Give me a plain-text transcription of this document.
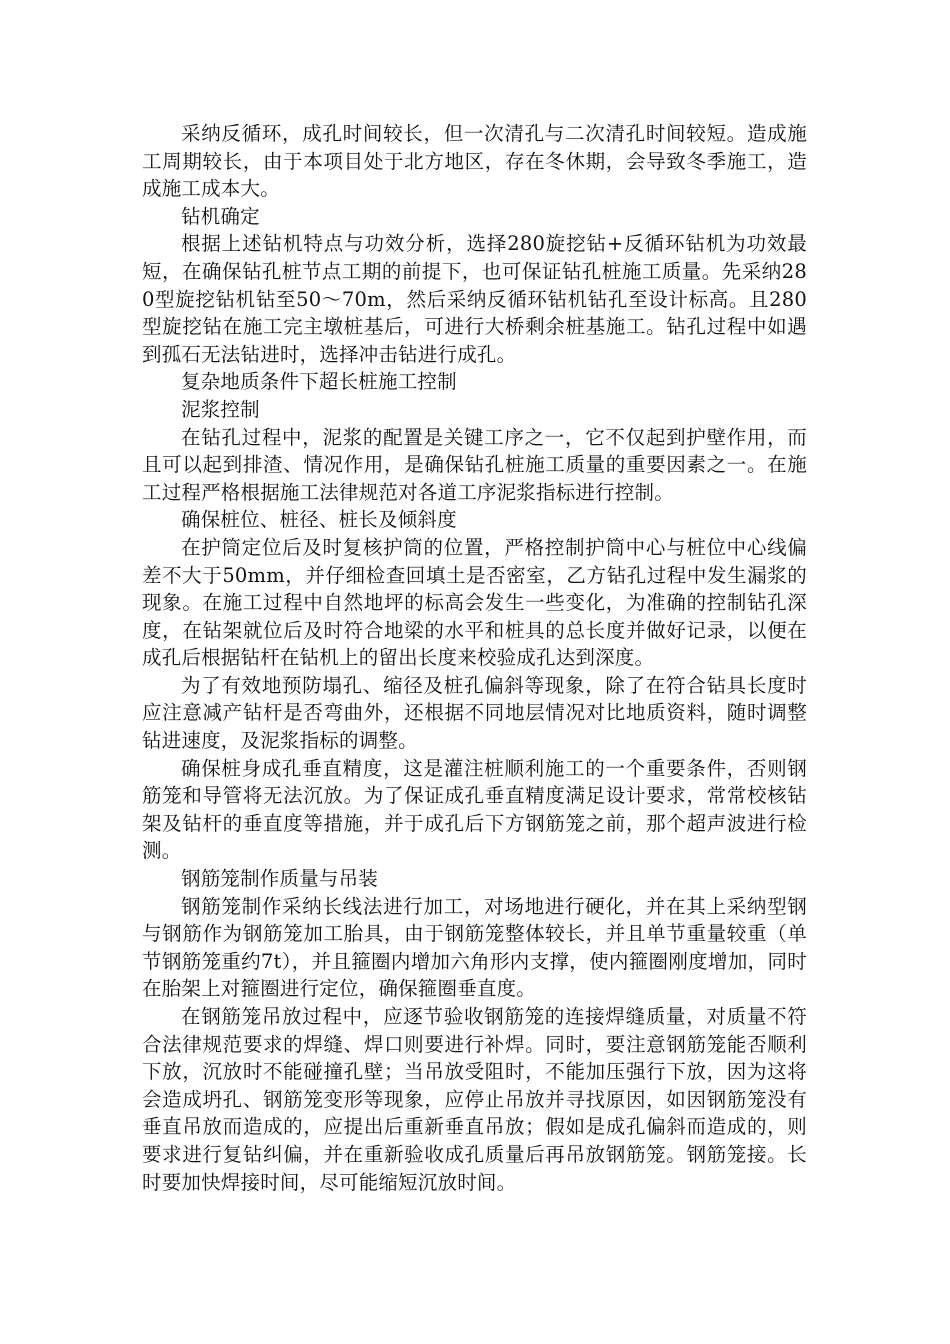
采纳反循环，成孔时间较长，但一次清孔与二次清孔时间较短。造成施工周期较长，由于本项目处于北方地区，存在冬休期，会导致冬季施工，造成施工成本大。

钻机确定

根据上述钻机特点与功效分析，选择280旋挖钻+反循环钻机为功效最短，在确保钻孔桩节点工期的前提下，也可保证钻孔桩施工质量。先采纳280型旋挖钻机钻至50～70m，然后采纳反循环钻机钻孔至设计标高。且280型旋挖钻在施工完主墩桩基后，可进行大桥剩余桩基施工。钻孔过程中如遇到孤石无法钻进时，选择冲击钻进行成孔。

复杂地质条件下超长桩施工控制

泥浆控制

在钻孔过程中，泥浆的配置是关键工序之一，它不仅起到护壁作用，而且可以起到排渣、情况作用，是确保钻孔桩施工质量的重要因素之一。在施工过程严格根据施工法律规范对各道工序泥浆指标进行控制。

确保桩位、桩径、桩长及倾斜度

在护筒定位后及时复核护筒的位置，严格控制护筒中心与桩位中心线偏差不大于50mm，并仔细检查回填土是否密室，乙方钻孔过程中发生漏浆的现象。在施工过程中自然地坪的标高会发生一些变化，为准确的控制钻孔深度，在钻架就位后及时符合地梁的水平和桩具的总长度并做好记录，以便在成孔后根据钻杆在钻机上的留出长度来校验成孔达到深度。

为了有效地预防塌孔、缩径及桩孔偏斜等现象，除了在符合钻具长度时应注意减产钻杆是否弯曲外，还根据不同地层情况对比地质资料，随时调整钻进速度，及泥浆指标的调整。

确保桩身成孔垂直精度，这是灌注桩顺利施工的一个重要条件，否则钢筋笼和导管将无法沉放。为了保证成孔垂直精度满足设计要求，常常校核钻架及钻杆的垂直度等措施，并于成孔后下方钢筋笼之前，那个超声波进行检测。

钢筋笼制作质量与吊装

钢筋笼制作采纳长线法进行加工，对场地进行硬化，并在其上采纳型钢与钢筋作为钢筋笼加工胎具，由于钢筋笼整体较长，并且单节重量较重（单节钢筋笼重约7t），并且箍圈内增加六角形内支撑，使内箍圈刚度增加，同时在胎架上对箍圈进行定位，确保箍圈垂直度。

在钢筋笼吊放过程中，应逐节验收钢筋笼的连接焊缝质量，对质量不符合法律规范要求的焊缝、焊口则要进行补焊。同时，要注意钢筋笼能否顺利下放，沉放时不能碰撞孔壁；当吊放受阻时，不能加压强行下放，因为这将会造成坍孔、钢筋笼变形等现象，应停止吊放并寻找原因，如因钢筋笼没有垂直吊放而造成的，应提出后重新垂直吊放；假如是成孔偏斜而造成的，则要求进行复钻纠偏，并在重新验收成孔质量后再吊放钢筋笼。钢筋笼接。长时要加快焊接时间，尽可能缩短沉放时间。
